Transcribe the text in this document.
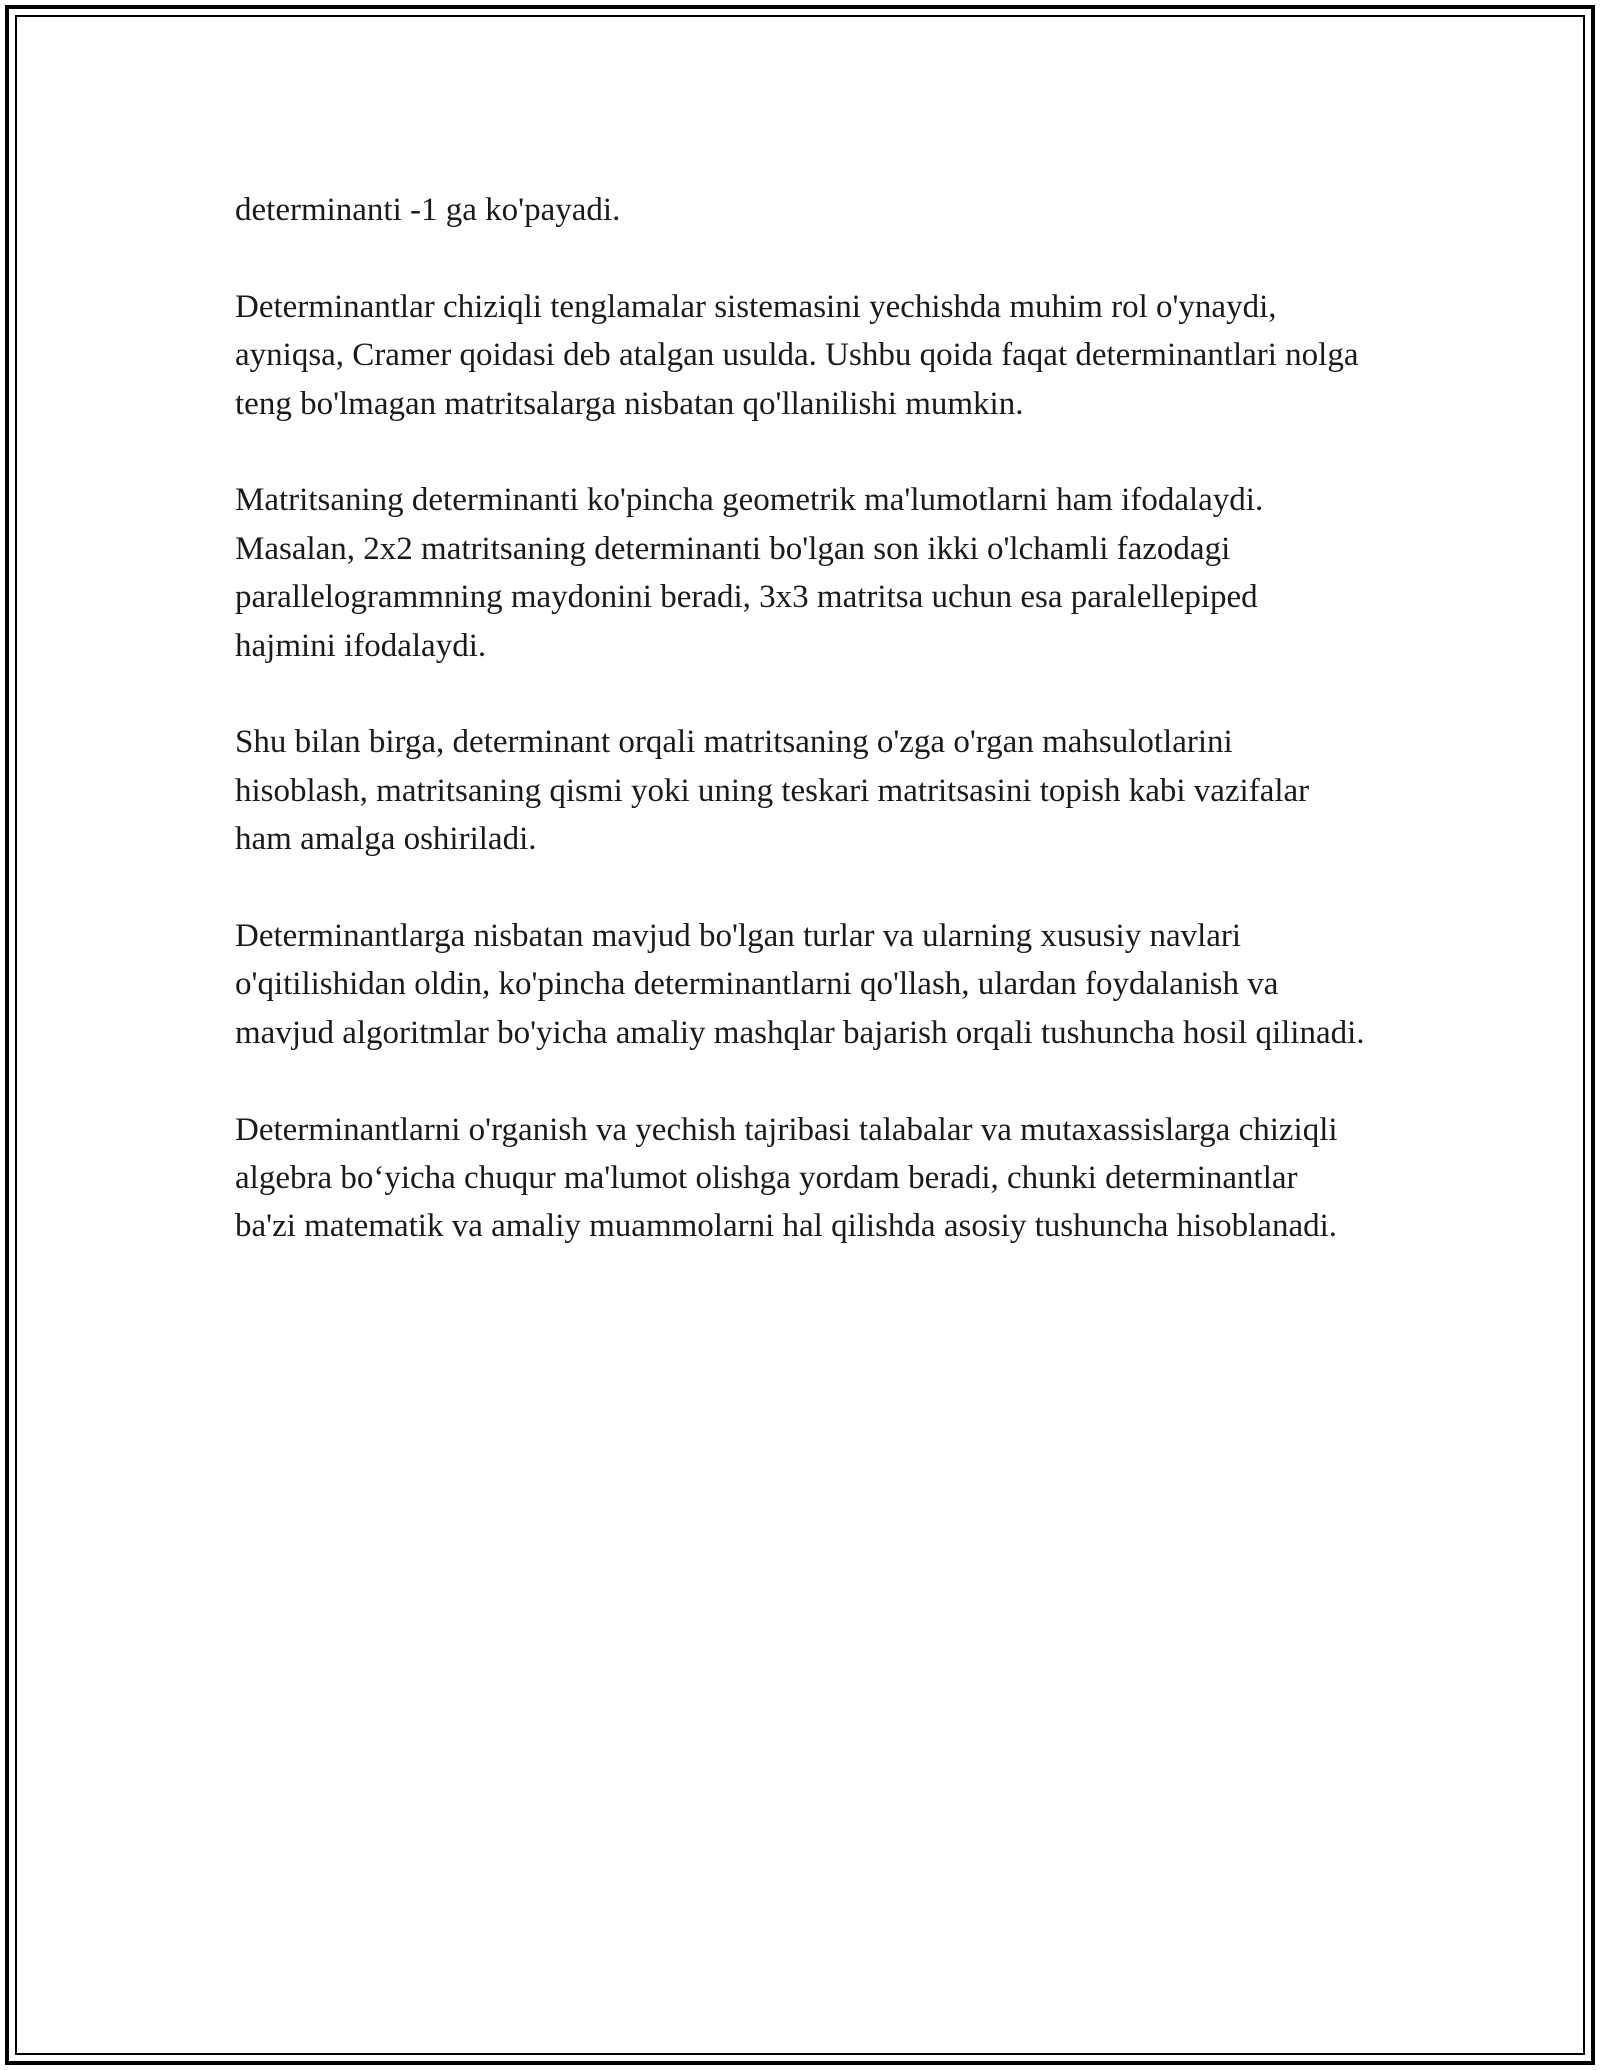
determinanti -1 ga ko'payadi.

Determinantlar chiziqli tenglamalar sistemasini yechishda muhim rol o'ynaydi, ayniqsa, Cramer qoidasi deb atalgan usulda. Ushbu qoida faqat determinantlari nolga teng bo'lmagan matritsalarga nisbatan qo'llanilishi mumkin.

Matritsaning determinanti ko'pincha geometrik ma'lumotlarni ham ifodalaydi. Masalan, 2x2 matritsaning determinanti bo'lgan son ikki o'lchamli fazodagi parallelogrammning maydonini beradi, 3x3 matritsa uchun esa paralellepiped hajmini ifodalaydi.

Shu bilan birga, determinant orqali matritsaning o'zga o'rgan mahsulotlarini hisoblash, matritsaning qismi yoki uning teskari matritsasini topish kabi vazifalar ham amalga oshiriladi.

Determinantlarga nisbatan mavjud bo'lgan turlar va ularning xususiy navlari o'qitilishidan oldin, ko'pincha determinantlarni qo'llash, ulardan foydalanish va mavjud algoritmlar bo'yicha amaliy mashqlar bajarish orqali tushuncha hosil qilinadi.

Determinantlarni o'rganish va yechish tajribasi talabalar va mutaxassislarga chiziqli algebra bo‘yicha chuqur ma'lumot olishga yordam beradi, chunki determinantlar ba'zi matematik va amaliy muammolarni hal qilishda asosiy tushuncha hisoblanadi.
